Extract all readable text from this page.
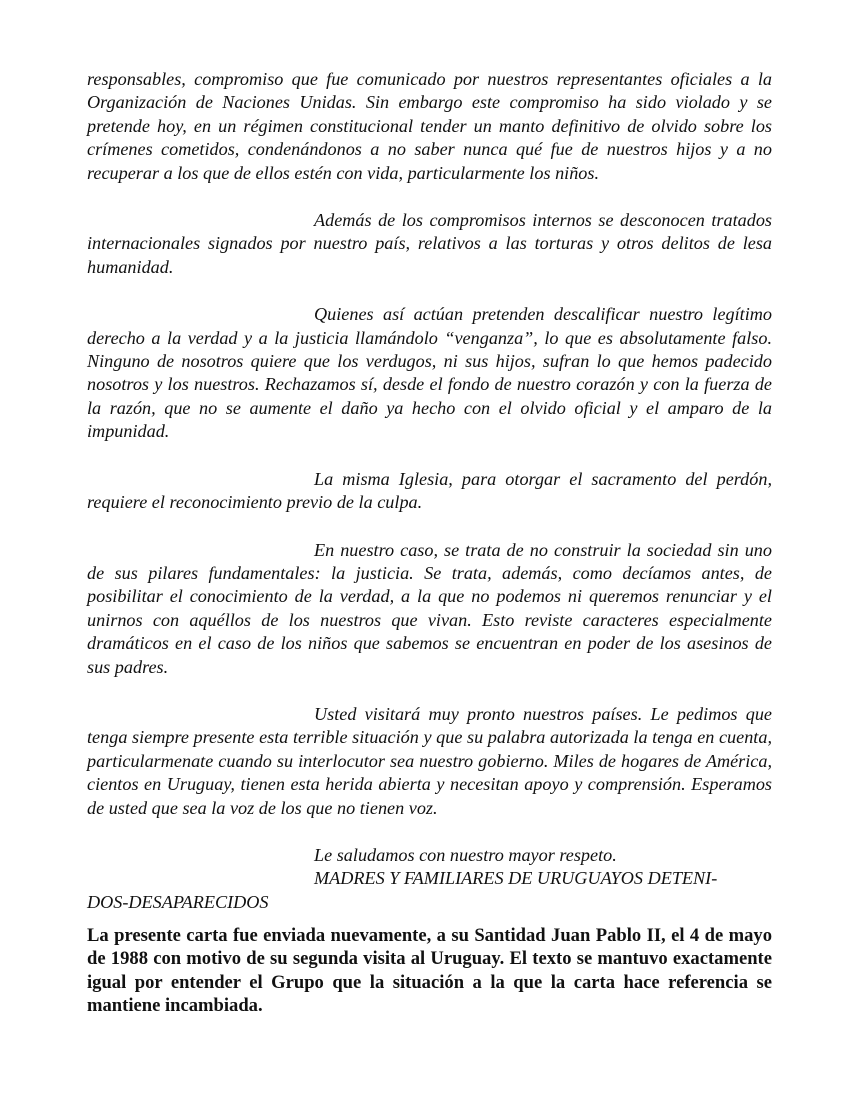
responsables, compromiso que fue comunicado por nuestros representantes oficiales a la Organización de Naciones Unidas. Sin embargo este compromiso ha sido violado y se pretende hoy, en un régimen constitucional tender un manto definitivo de olvido sobre los crímenes cometidos, condenándonos a no saber nunca qué fue de nuestros hijos y a no recuperar a los que de ellos estén con vida, particularmente los niños.

Además de los compromisos internos se desconocen tratados internacionales signados por nuestro país, relativos a las torturas y otros delitos de lesa humanidad.

Quienes así actúan pretenden descalificar nuestro legítimo derecho a la verdad y a la justicia llamándolo “venganza”, lo que es absolutamente falso. Ninguno de nosotros quiere que los verdugos, ni sus hijos, sufran lo que hemos padecido nosotros y los nuestros. Rechazamos sí, desde el fondo de nuestro corazón y con la fuerza de la razón, que no se aumente el daño ya hecho con el olvido oficial y el amparo de la impunidad.

La misma Iglesia, para otorgar el sacramento del perdón, requiere el reconocimiento previo de la culpa.

En nuestro caso, se trata de no construir la sociedad sin uno de sus pilares fundamentales: la justicia. Se trata, además, como decíamos antes, de posibilitar el conocimiento de la verdad, a la que no podemos ni queremos renunciar y el unirnos con aquéllos de los nuestros que vivan. Esto reviste caracteres especialmente dramáticos en el caso de los niños que sabemos se encuentran en poder de los asesinos de sus padres.

Usted visitará muy pronto nuestros países. Le pedimos que tenga siempre presente esta terrible situación y que su palabra autorizada la tenga en cuenta, particularmenate cuando su interlocutor sea nuestro gobierno. Miles de hogares de América, cientos en Uruguay, tienen esta herida abierta y necesitan apoyo y comprensión. Esperamos de usted que sea la voz de los que no tienen voz.

Le saludamos con nuestro mayor respeto.
MADRES Y FAMILIARES DE URUGUAYOS DETENI-
DOS-DESAPARECIDOS

La presente carta fue enviada nuevamente, a su Santidad Juan Pablo II, el 4 de mayo de 1988 con motivo de su segunda visita al Uruguay. El texto se mantuvo exactamente igual por entender el Grupo que la situación a la que la carta hace referencia se mantiene incambiada.
